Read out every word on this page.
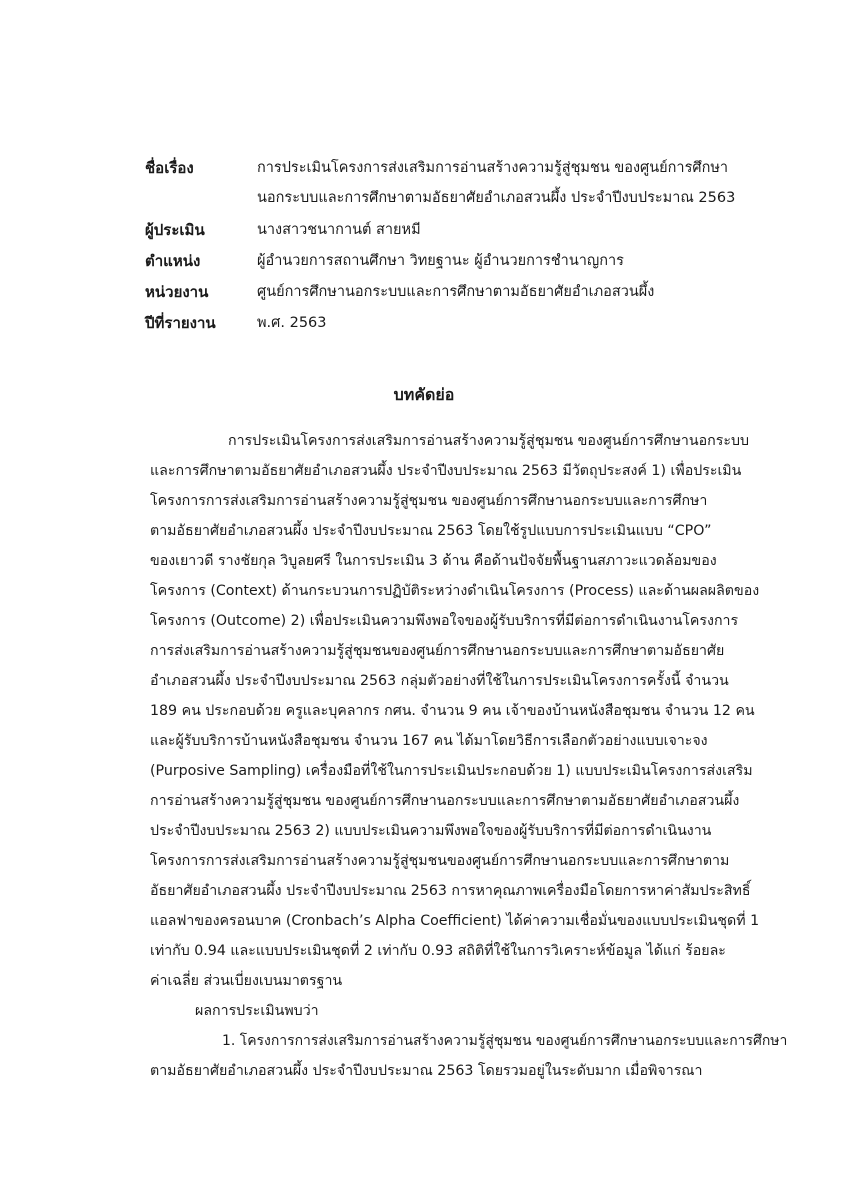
ชื่อเรื่อง	การประเมินโครงการส่งเสริมการอ่านสร้างความรู้สู่ชุมชน ของศูนย์การศึกษา
นอกระบบและการศึกษาตามอัธยาศัยอำเภอสวนผึ้ง ประจำปีงบประมาณ 2563
ผู้ประเมิน	นางสาวชนากานต์ สายหมี
ตำแหน่ง	ผู้อำนวยการสถานศึกษา วิทยฐานะ ผู้อำนวยการชำนาญการ
หน่วยงาน	ศูนย์การศึกษานอกระบบและการศึกษาตามอัธยาศัยอำเภอสวนผึ้ง
ปีที่รายงาน	พ.ศ. 2563
บทคัดย่อ
การประเมินโครงการส่งเสริมการอ่านสร้างความรู้สู่ชุมชน ของศูนย์การศึกษานอกระบบ
และการศึกษาตามอัธยาศัยอำเภอสวนผึ้ง ประจำปีงบประมาณ 2563 มีวัตถุประสงค์ 1) เพื่อประเมิน
โครงการการส่งเสริมการอ่านสร้างความรู้สู่ชุมชน ของศูนย์การศึกษานอกระบบและการศึกษา
ตามอัธยาศัยอำเภอสวนผึ้ง ประจำปีงบประมาณ 2563 โดยใช้รูปแบบการประเมินแบบ “CPO”
ของเยาวดี รางชัยกุล วิบูลยศรี ในการประเมิน 3 ด้าน คือด้านปัจจัยพื้นฐานสภาวะแวดล้อมของ
โครงการ (Context) ด้านกระบวนการปฏิบัติระหว่างดำเนินโครงการ (Process) และด้านผลผลิตของ
โครงการ (Outcome) 2) เพื่อประเมินความพึงพอใจของผู้รับบริการที่มีต่อการดำเนินงานโครงการ
การส่งเสริมการอ่านสร้างความรู้สู่ชุมชนของศูนย์การศึกษานอกระบบและการศึกษาตามอัธยาศัย
อำเภอสวนผึ้ง ประจำปีงบประมาณ 2563 กลุ่มตัวอย่างที่ใช้ในการประเมินโครงการครั้งนี้ จำนวน
189 คน ประกอบด้วย ครูและบุคลากร กศน. จำนวน 9 คน เจ้าของบ้านหนังสือชุมชน จำนวน 12 คน
และผู้รับบริการบ้านหนังสือชุมชน จำนวน 167 คน ได้มาโดยวิธีการเลือกตัวอย่างแบบเจาะจง
(Purposive Sampling) เครื่องมือที่ใช้ในการประเมินประกอบด้วย 1) แบบประเมินโครงการส่งเสริม
การอ่านสร้างความรู้สู่ชุมชน ของศูนย์การศึกษานอกระบบและการศึกษาตามอัธยาศัยอำเภอสวนผึ้ง
ประจำปีงบประมาณ 2563 2) แบบประเมินความพึงพอใจของผู้รับบริการที่มีต่อการดำเนินงาน
โครงการการส่งเสริมการอ่านสร้างความรู้สู่ชุมชนของศูนย์การศึกษานอกระบบและการศึกษาตาม
อัธยาศัยอำเภอสวนผึ้ง ประจำปีงบประมาณ 2563 การหาคุณภาพเครื่องมือโดยการหาค่าสัมประสิทธิ์
แอลฟาของครอนบาค (Cronbach’s Alpha Coefficient) ได้ค่าความเชื่อมั่นของแบบประเมินชุดที่ 1
เท่ากับ 0.94 และแบบประเมินชุดที่ 2 เท่ากับ 0.93 สถิติที่ใช้ในการวิเคราะห์ข้อมูล ได้แก่ ร้อยละ
ค่าเฉลี่ย ส่วนเบี่ยงเบนมาตรฐาน
ผลการประเมินพบว่า
1. โครงการการส่งเสริมการอ่านสร้างความรู้สู่ชุมชน ของศูนย์การศึกษานอกระบบและการศึกษา
ตามอัธยาศัยอำเภอสวนผึ้ง ประจำปีงบประมาณ 2563 โดยรวมอยู่ในระดับมาก เมื่อพิจารณา
